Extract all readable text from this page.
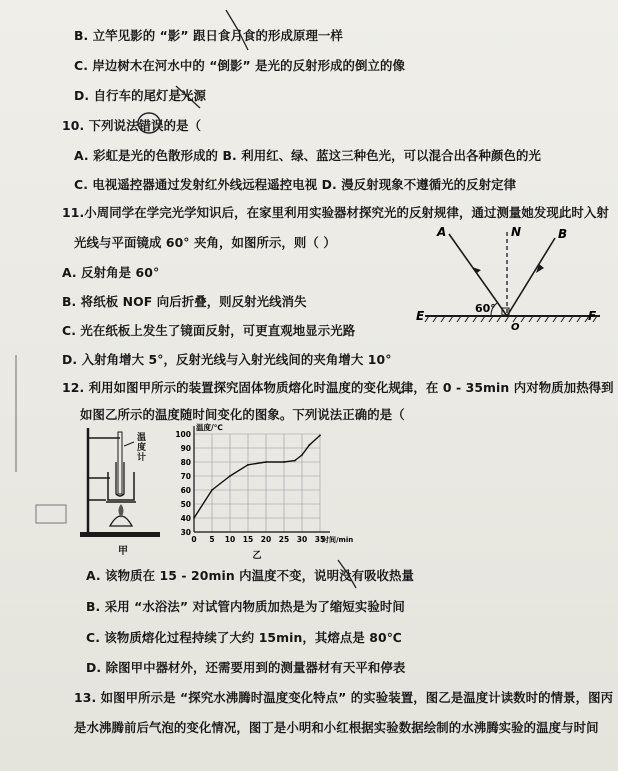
B. 立竿见影的 “影” 跟日食月食的形成原理一样
C. 岸边树木在河水中的 “倒影” 是光的反射形成的倒立的像
D. 自行车的尾灯是光源
10. 下列说法错误的是（
A. 彩虹是光的色散形成的 B. 利用红、绿、蓝这三种色光，可以混合出各种颜色的光
C. 电视遥控器通过发射红外线远程遥控电视 D. 漫反射现象不遵循光的反射定律
11.小周同学在学完光学知识后，在家里利用实验器材探究光的反射规律，通过测量她发现此时入射
光线与平面镜成 60° 夹角，如图所示，则（ ）
A. 反射角是 60°
B. 将纸板 NOF 向后折叠，则反射光线消失
C. 光在纸板上发生了镜面反射，可更直观地显示光路
D. 入射角增大 5°，反射光线与入射光线间的夹角增大 10°
60°
A	N	B
E
O
F
12. 利用如图甲所示的装置探究固体物质熔化时温度的变化规律，在 0 - 35min 内对物质加热得到
如图乙所示的温度随时间变化的图象。下列说法正确的是（
温度计
甲
0 5 10 15 20 25 30 35
100
90
80
70
60
50
40
30
温度/℃
时间/min
乙
A. 该物质在 15 - 20min 内温度不变，说明没有吸收热量
B. 采用 “水浴法” 对试管内物质加热是为了缩短实验时间
C. 该物质熔化过程持续了大约 15min，其熔点是 80℃
D. 除图甲中器材外，还需要用到的测量器材有天平和停表
13. 如图甲所示是 “探究水沸腾时温度变化特点” 的实验装置，图乙是温度计读数时的情景，图丙
是水沸腾前后气泡的变化情况，图丁是小明和小红根据实验数据绘制的水沸腾实验的温度与时间
